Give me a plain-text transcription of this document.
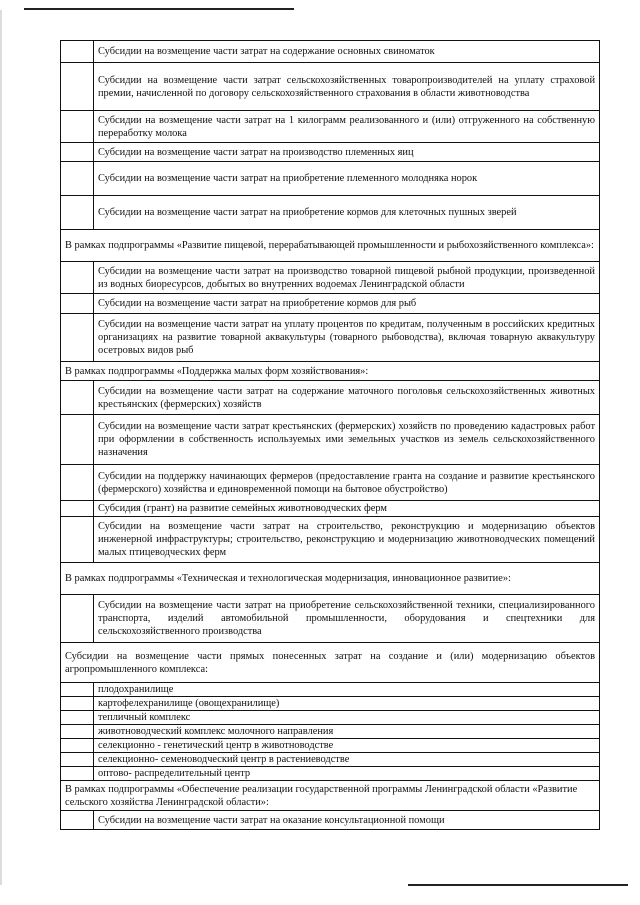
	Субсидии на возмещение части затрат на содержание основных свиноматок
	Субсидии на возмещение части затрат сельскохозяйственных товаропроизводителей на уплату страховой премии, начисленной по договору сельскохозяйственного страхования в области животноводства
	Субсидии на возмещение части затрат на 1 килограмм реализованного и (или) отгруженного на собственную переработку молока
	Субсидии на возмещение части затрат на производство племенных яиц
	Субсидии на возмещение части затрат на приобретение племенного молодняка норок
	Субсидии на возмещение части затрат на приобретение кормов для клеточных пушных зверей
В рамках подпрограммы «Развитие пищевой, перерабатывающей промышленности и рыбохозяйственного комплекса»:	
	Субсидии на возмещение части затрат на производство товарной пищевой рыбной продукции, произведенной из водных биоресурсов, добытых во внутренних водоемах Ленинградской области
	Субсидии на возмещение части затрат на приобретение кормов для рыб
	Субсидии на возмещение части затрат на уплату процентов по кредитам, полученным в российских кредитных организациях на развитие товарной аквакультуры (товарного рыбоводства), включая товарную аквакультуру осетровых видов рыб
В рамках подпрограммы «Поддержка малых форм хозяйствования»:	
	Субсидии на возмещение части затрат на содержание маточного поголовья сельскохозяйственных животных крестьянских (фермерских) хозяйств
	Субсидии на возмещение части затрат крестьянских (фермерских) хозяйств по проведению кадастровых работ при оформлении в собственность используемых ими земельных участков из земель сельскохозяйственного назначения
	Субсидии на поддержку начинающих фермеров (предоставление гранта на создание и развитие крестьянского (фермерского) хозяйства и единовременной помощи на бытовое обустройство)
	Субсидия (грант) на развитие семейных животноводческих ферм
	Субсидии на возмещение части затрат на строительство, реконструкцию и модернизацию объектов инженерной инфраструктуры; строительство, реконструкцию и модернизацию животноводческих помещений малых птицеводческих ферм
В рамках подпрограммы «Техническая и технологическая модернизация, инновационное развитие»:	
	Субсидии на возмещение части затрат на приобретение сельскохозяйственной техники, специализированного транспорта, изделий автомобильной промышленности, оборудования и спецтехники для сельскохозяйственного производства
Субсидии на возмещение части прямых понесенных затрат на создание и (или) модернизацию объектов агропромышленного комплекса:	
	плодохранилище
	картофелехранилище (овощехранилище)
	тепличный комплекс
	животноводческий комплекс молочного направления
	селекционно - генетический центр в животноводстве
	селекционно- семеноводческий центр в растениеводстве
	оптово- распределительный центр
В рамках подпрограммы «Обеспечение реализации государственной программы Ленинградской области «Развитие сельского хозяйства Ленинградской области»:	
	Субсидии на возмещение части затрат на оказание консультационной помощи
